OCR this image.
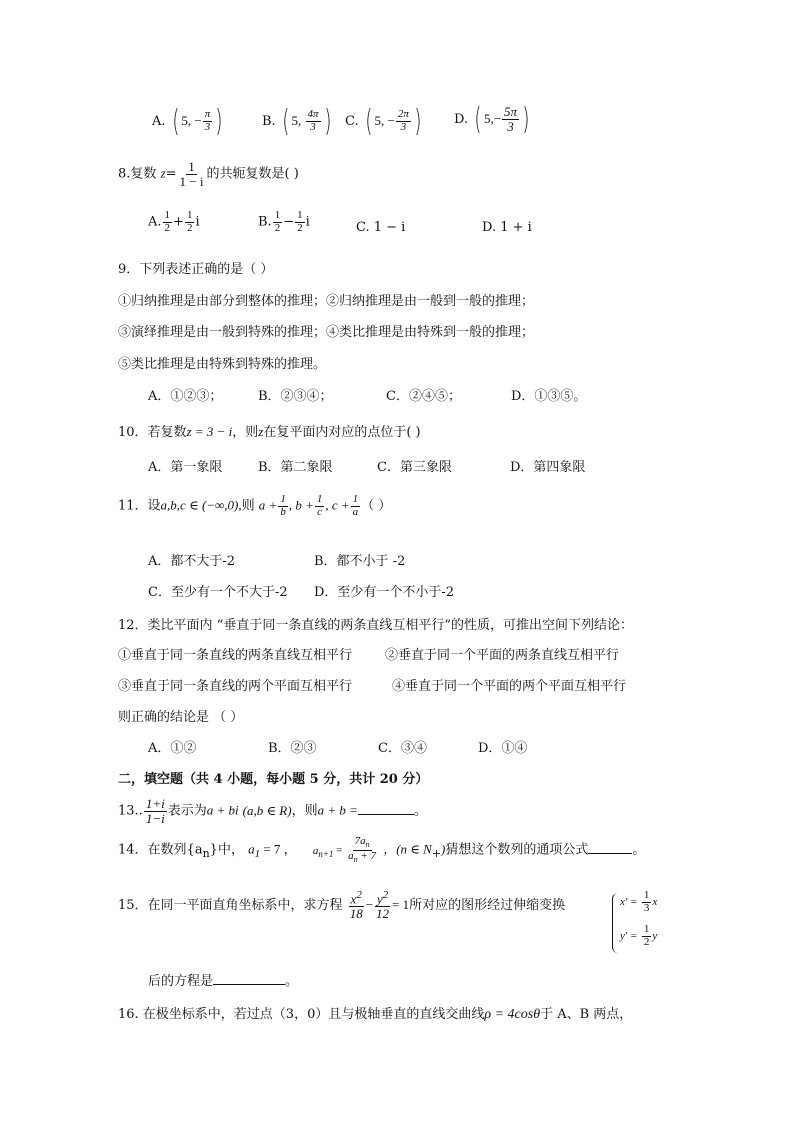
A. ( 5, − $\frac{\pi}{3}$ )	B. ( 5, $\frac{4\pi}{3}$ ) C. ( 5, − $\frac{2\pi}{3}$ )	D. ( $5,- \frac{5\pi}{3}$ )
8.复数 $z= \frac{1}{1 - i}$ 的共轭复数是( )
A. $\frac{1}{2} + \frac{1}{2}$ i	B. $\frac{1}{2} - \frac{1}{2}$ i	C. 1 − i	D. 1 + i
9．下列表述正确的是（ ）
①归纳推理是由部分到整体的推理；②归纳推理是由一般到一般的推理；
③演绎推理是由一般到特殊的推理；④类比推理是由特殊到一般的推理；
⑤类比推理是由特殊到特殊的推理。
A．①②③；	B．②③④；	C．②④⑤；	D．①③⑤。
10．若复数z = 3 − i，则z在复平面内对应的点位于( )
A．第一象限	B．第二象限	C．第三象限	D．第四象限
11．设a,b,c ∈ (−∞,0),则 $a + \frac{1}{b}$ , $b + \frac{1}{c}$ , $c + \frac{1}{a}$ （ ）
A．都不大于-2	B．都不小于 -2
C．至少有一个不大于-2 D．至少有一个不小于-2
12．类比平面内 “垂直于同一条直线的两条直线互相平行”的性质，可推出空间下列结论：
①垂直于同一条直线的两条直线互相平行	②垂直于同一个平面的两条直线互相平行
③垂直于同一条直线的两个平面互相平行	④垂直于同一个平面的两个平面互相平行
则正确的结论是 （ ）
A．①②	B．②③	C．③④	D．①④
二，填空题（共 4 小题，每小题 5 分，共计 20 分）
13.. $\frac{1+i}{1-i}$ 表示为a + bi (a,b ∈ R)，则a + b =	。
14．在数列$\{a_n\}$中， $a_1 = 7$ ， $a_{n+1} = \frac{7a_n}{a_n + 7}$ ，(n ∈ $N_+$)猜想这个数列的通项公式	。
15．在同一平面直角坐标系中，求方程 $\frac{x^2}{18} - \frac{y^2}{12} = 1$所对应的图形经过伸缩变换	$x' = \frac{1}{3}$ x
$y' = \frac{1}{2}$ y
后的方程是	。
16. 在极坐标系中，若过点（3，0）且与极轴垂直的直线交曲线ρ = 4cosθ于 A、B 两点，
